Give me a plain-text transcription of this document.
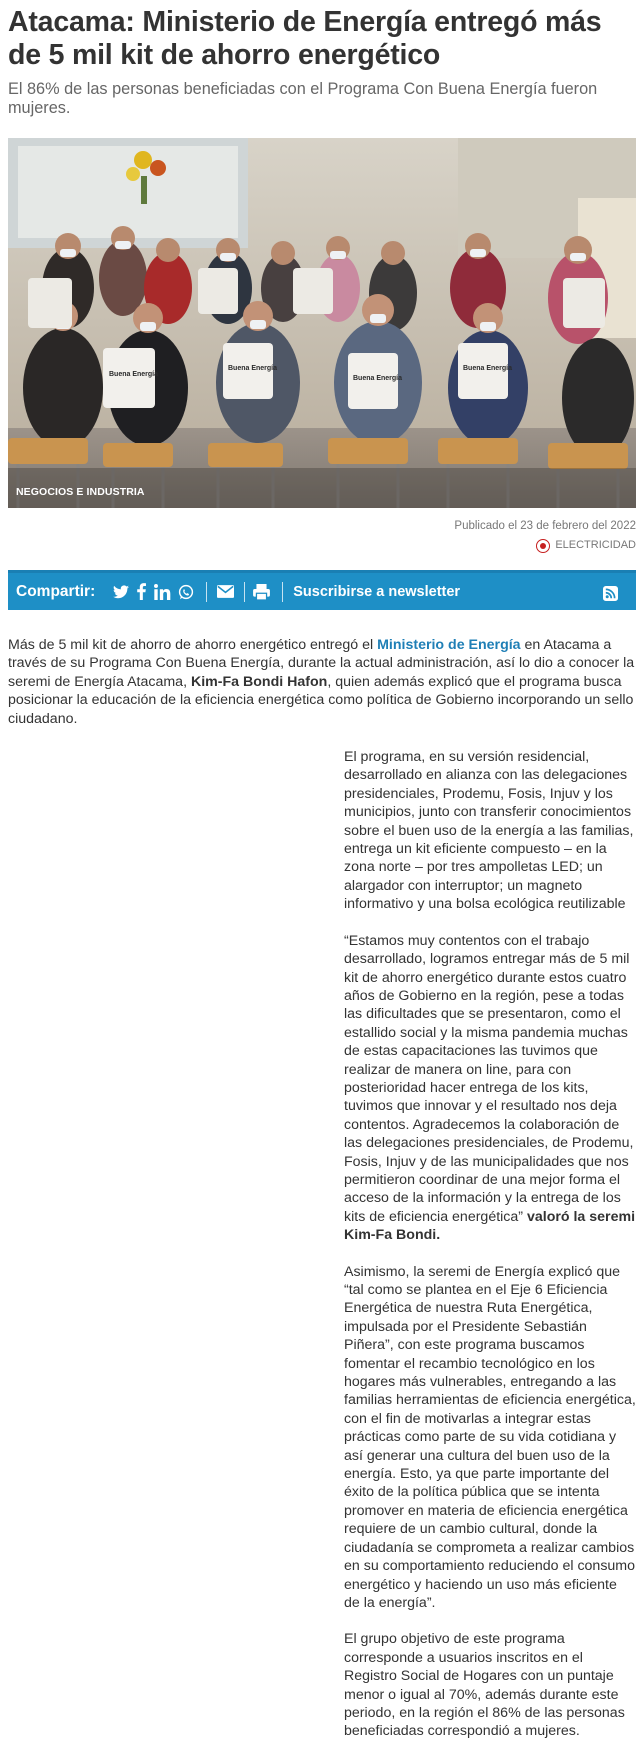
Atacama: Ministerio de Energía entregó más de 5 mil kit de ahorro energético
El 86% de las personas beneficiadas con el Programa Con Buena Energía fueron mujeres.
Buena Energía
Buena Energía
Buena Energía
Buena Energía
NEGOCIOS E INDUSTRIA
Publicado el 23 de febrero del 2022
ELECTRICIDAD
Compartir:	Suscribirse a newsletter

Más de 5 mil kit de ahorro de ahorro energético entregó el Ministerio de Energía en Atacama a través de su Programa Con Buena Energía, durante la actual administración, así lo dio a conocer la seremi de Energía Atacama, Kim-Fa Bondi Hafon, quien además explicó que el programa busca posicionar la educación de la eficiencia energética como política de Gobierno incorporando un sello ciudadano.

El programa, en su versión residencial, desarrollado en alianza con las delegaciones presidenciales, Prodemu, Fosis, Injuv y los municipios, junto con transferir conocimientos sobre el buen uso de la energía a las familias, entrega un kit eficiente compuesto – en la zona norte – por tres ampolletas LED; un alargador con interruptor; un magneto informativo y una bolsa ecológica reutilizable

“Estamos muy contentos con el trabajo desarrollado, logramos entregar más de 5 mil kit de ahorro energético durante estos cuatro años de Gobierno en la región, pese a todas las dificultades que se presentaron, como el estallido social y la misma pandemia muchas de estas capacitaciones las tuvimos que realizar de manera on line, para con posterioridad hacer entrega de los kits, tuvimos que innovar y el resultado nos deja contentos. Agradecemos la colaboración de las delegaciones presidenciales, de Prodemu, Fosis, Injuv y de las municipalidades que nos permitieron coordinar de una mejor forma el acceso de la información y la entrega de los kits de eficiencia energética” valoró la seremi Kim-Fa Bondi.

Asimismo, la seremi de Energía explicó que “tal como se plantea en el Eje 6 Eficiencia Energética de nuestra Ruta Energética, impulsada por el Presidente Sebastián Piñera”, con este programa buscamos fomentar el recambio tecnológico en los hogares más vulnerables, entregando a las familias herramientas de eficiencia energética, con el fin de motivarlas a integrar estas prácticas como parte de su vida cotidiana y así generar una cultura del buen uso de la energía. Esto, ya que parte importante del éxito de la política pública que se intenta promover en materia de eficiencia energética requiere de un cambio cultural, donde la ciudadanía se comprometa a realizar cambios en su comportamiento reduciendo el consumo energético y haciendo un uso más eficiente de la energía”.

El grupo objetivo de este programa corresponde a usuarios inscritos en el Registro Social de Hogares con un puntaje menor o igual al 70%, además durante este periodo, en la región el 86% de las personas beneficiadas correspondió a mujeres.
